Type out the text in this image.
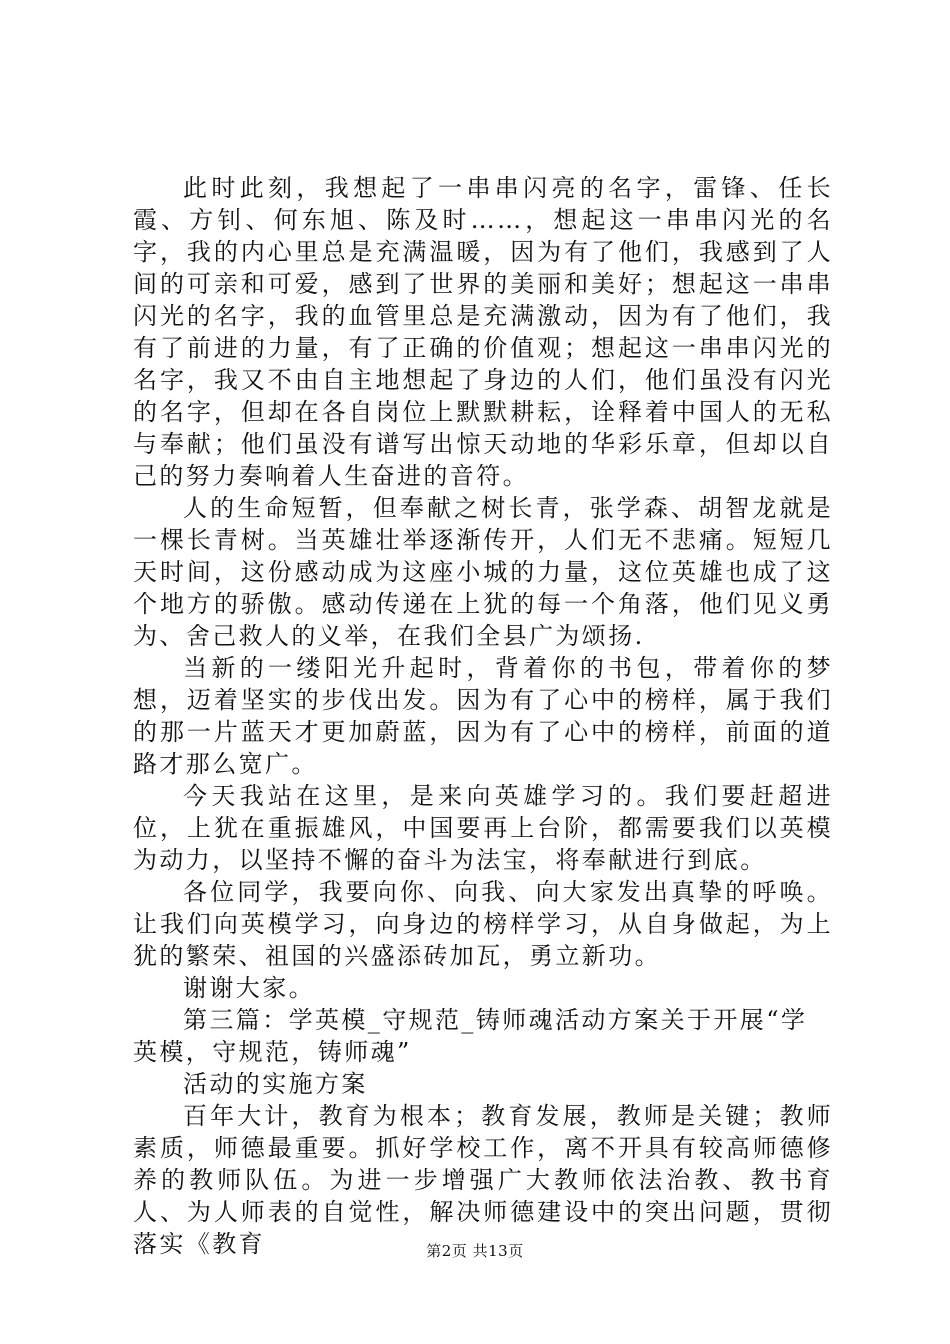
此时此刻，我想起了一串串闪亮的名字，雷锋、任长霞、方钊、何东旭、陈及时……，想起这一串串闪光的名字，我的内心里总是充满温暖，因为有了他们，我感到了人间的可亲和可爱，感到了世界的美丽和美好；想起这一串串闪光的名字，我的血管里总是充满激动，因为有了他们，我有了前进的力量，有了正确的价值观；想起这一串串闪光的名字，我又不由自主地想起了身边的人们，他们虽没有闪光的名字，但却在各自岗位上默默耕耘，诠释着中国人的无私与奉献；他们虽没有谱写出惊天动地的华彩乐章，但却以自己的努力奏响着人生奋进的音符。

人的生命短暂，但奉献之树长青，张学森、胡智龙就是一棵长青树。当英雄壮举逐渐传开，人们无不悲痛。短短几天时间，这份感动成为这座小城的力量，这位英雄也成了这个地方的骄傲。感动传递在上犹的每一个角落，他们见义勇为、舍己救人的义举，在我们全县广为颂扬.

当新的一缕阳光升起时，背着你的书包，带着你的梦想，迈着坚实的步伐出发。因为有了心中的榜样，属于我们的那一片蓝天才更加蔚蓝，因为有了心中的榜样，前面的道路才那么宽广。

今天我站在这里，是来向英雄学习的。我们要赶超进位，上犹在重振雄风，中国要再上台阶，都需要我们以英模为动力，以坚持不懈的奋斗为法宝，将奉献进行到底。

各位同学，我要向你、向我、向大家发出真挚的呼唤。让我们向英模学习，向身边的榜样学习，从自身做起，为上犹的繁荣、祖国的兴盛添砖加瓦，勇立新功。

谢谢大家。

第三篇：学英模_守规范_铸师魂活动方案关于开展“学英模，守规范，铸师魂”

活动的实施方案

百年大计，教育为根本；教育发展，教师是关键；教师素质，师德最重要。抓好学校工作，离不开具有较高师德修养的教师队伍。为进一步增强广大教师依法治教、教书育人、为人师表的自觉性，解决师德建设中的突出问题，贯彻落实《教育	第2页 共13页
